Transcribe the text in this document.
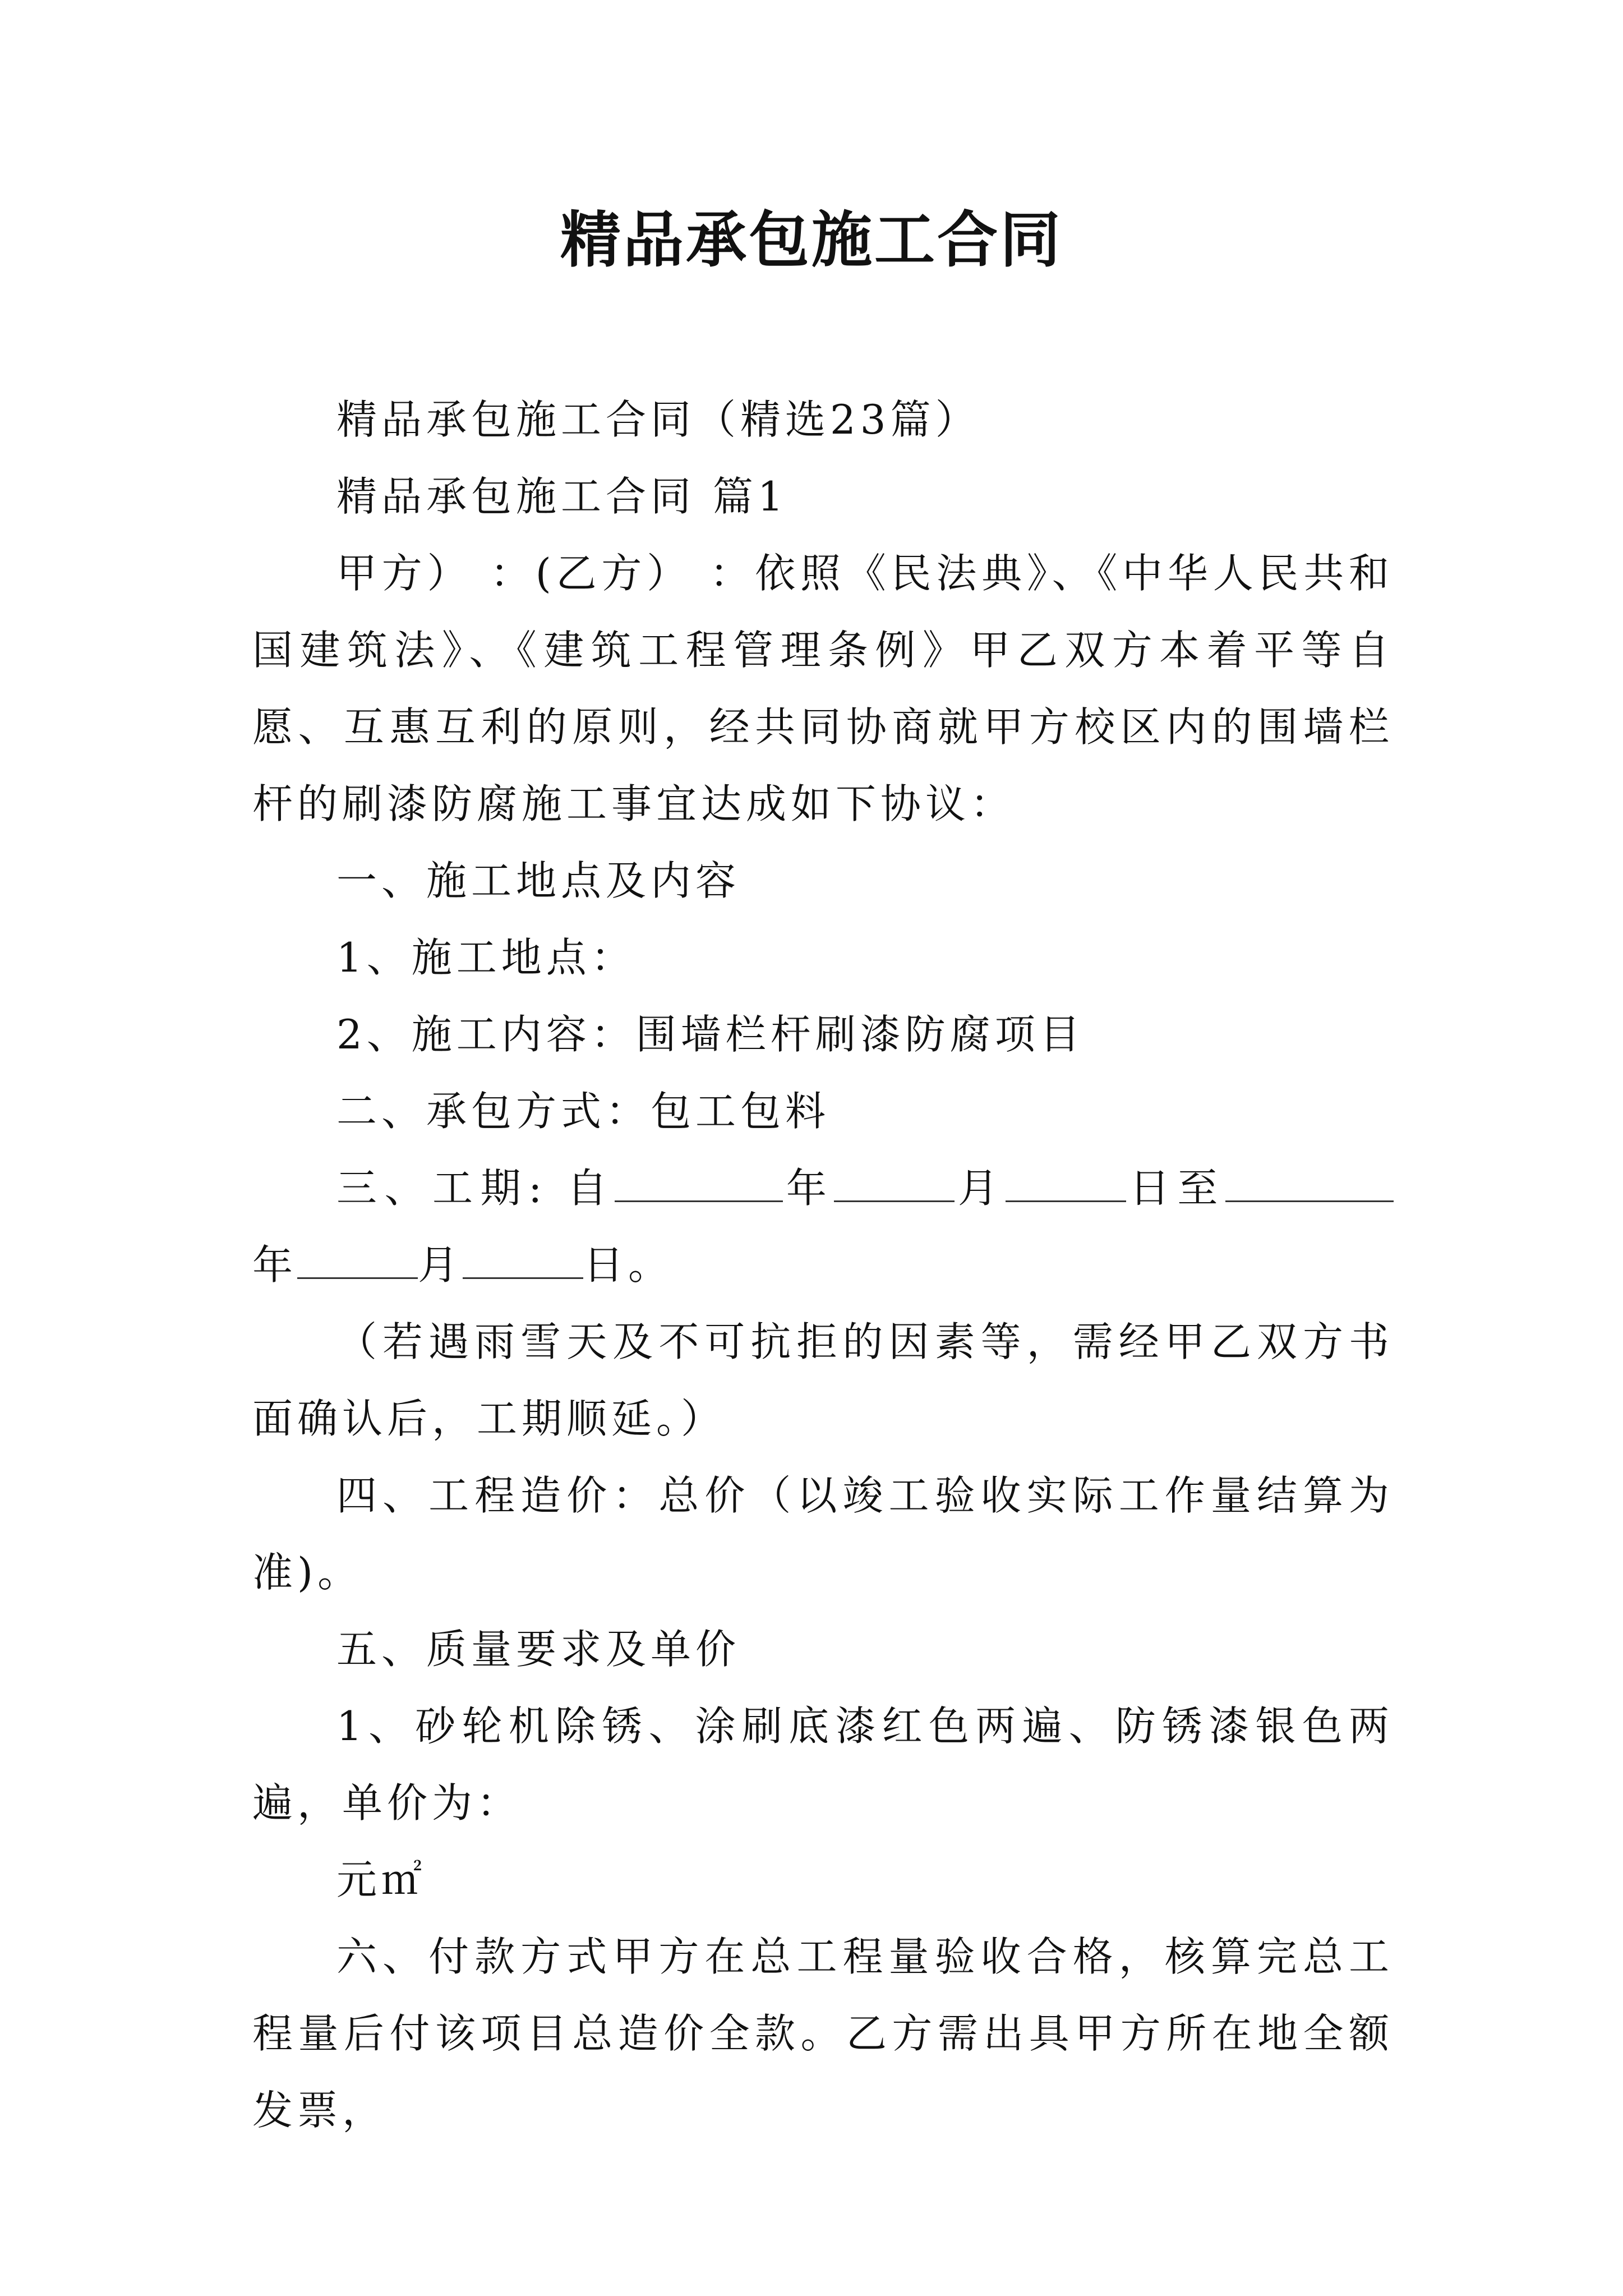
精品承包施工合同

精品承包施工合同（精选23篇）

精品承包施工合同 篇1

甲方） ：(乙方） ：依照《民法典》、《中华人民共和国建筑法》、《建筑工程管理条例》甲乙双方本着平等自愿、互惠互利的原则，经共同协商就甲方校区内的围墙栏杆的刷漆防腐施工事宜达成如下协议：

一、施工地点及内容

1、施工地点：

2、施工内容：围墙栏杆刷漆防腐项目

二、承包方式：包工包料

三、工期: 自	年	月	日至年	月	日。

（若遇雨雪天及不可抗拒的因素等，需经甲乙双方书面确认后，工期顺延。）

四、工程造价：总价（以竣工验收实际工作量结算为准)。

五、质量要求及单价

1、砂轮机除锈、涂刷底漆红色两遍、防锈漆银色两遍，单价为：

元㎡

六、付款方式甲方在总工程量验收合格，核算完总工程量后付该项目总造价全款。乙方需出具甲方所在地全额发票，
